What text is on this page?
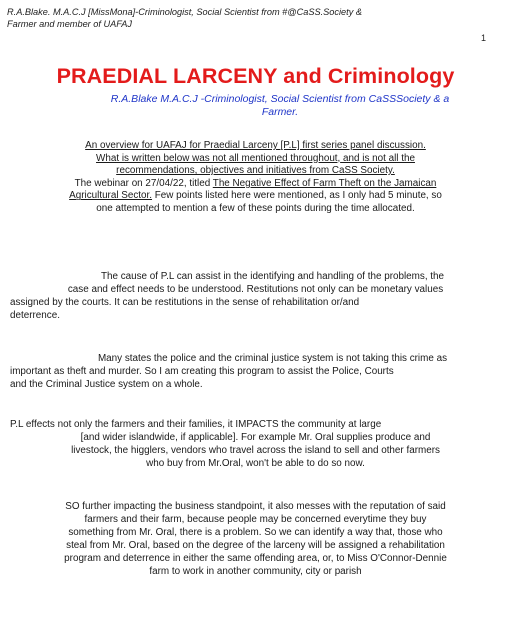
R.A.Blake. M.A.C.J [MissMona]-Criminologist, Social Scientist from #@CaSS.Society &
Farmer and member of UAFAJ
1
PRAEDIAL LARCENY and Criminology
R.A.Blake M.A.C.J -Criminologist, Social Scientist from CaSSSociety & a
Farmer.
An overview for UAFAJ for Praedial Larceny [P.L] first series panel discussion.
What is written below was not all mentioned throughout, and is not all the
recommendations, objectives and initiatives from CaSS Society.
The webinar on 27/04/22, titled The Negative Effect of Farm Theft on the Jamaican
Agricultural Sector. Few points listed here were mentioned, as I only had 5 minute, so
one attempted to mention a few of these points during the time allocated.
The cause of P.L can assist in the identifying and handling of the problems, the
case and effect needs to be understood. Restitutions not only can be monetary values
assigned by the courts. It can be restitutions in the sense of rehabilitation or/and
deterrence.
Many states the police and the criminal justice system is not taking this crime as
important as theft and murder. So I am creating this program to assist the Police, Courts
and the Criminal Justice system on a whole.
P.L effects not only the farmers and their families, it IMPACTS the community at large
[and wider islandwide, if applicable]. For example Mr. Oral supplies produce and
livestock, the higglers, vendors who travel across the island to sell and other farmers
who buy from Mr.Oral, won't be able to do so now.
SO further impacting the business standpoint, it also messes with the reputation of said
farmers and their farm, because people may be concerned everytime they buy
something from Mr. Oral, there is a problem. So we can identify a way that, those who
steal from Mr. Oral, based on the degree of the larceny will be assigned a rehabilitation
program and deterrence in either the same offending area, or, to Miss O'Connor-Dennie
farm to work in another community, city or parish
